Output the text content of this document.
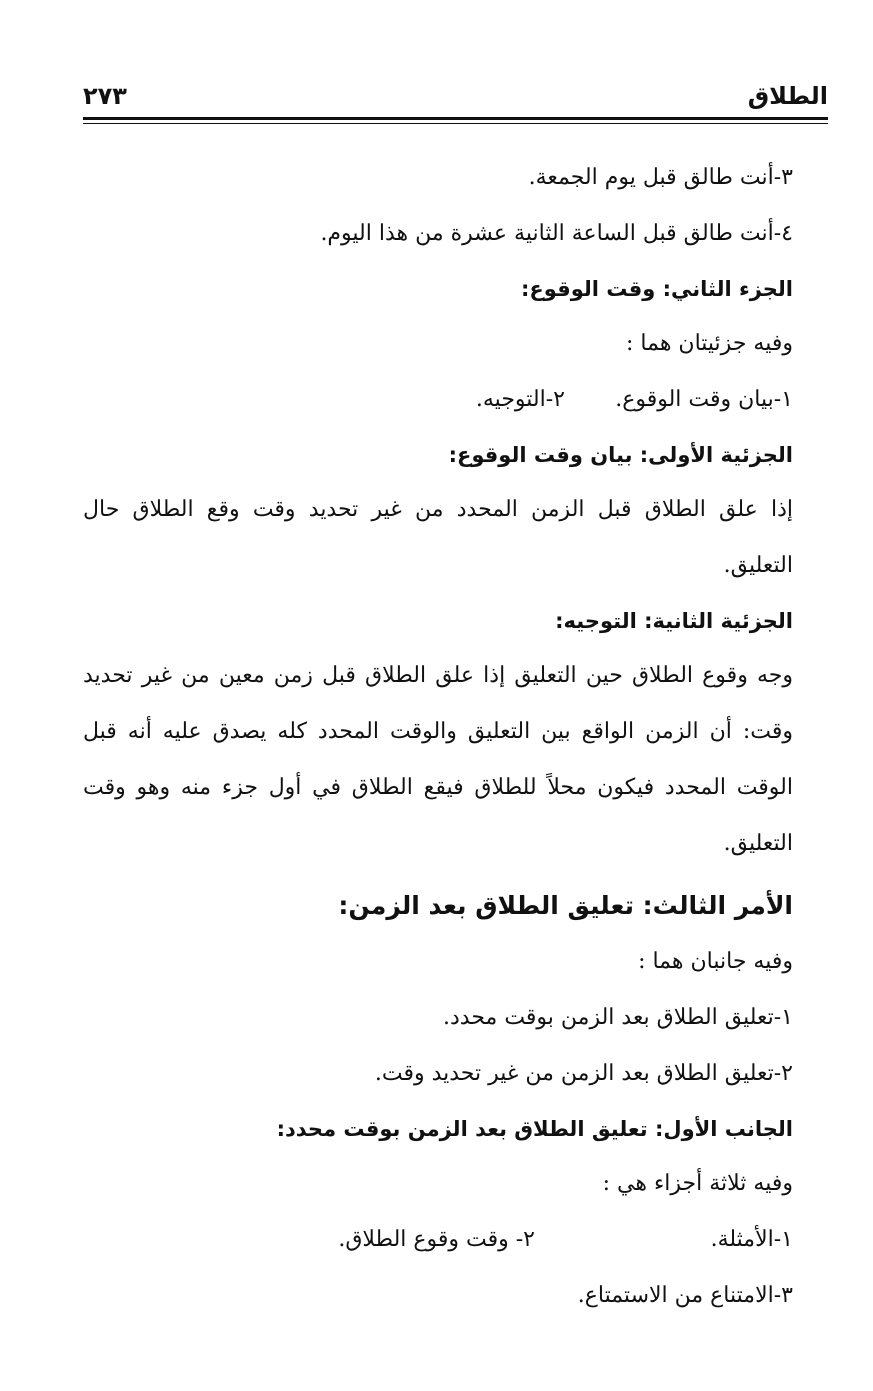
الطلاق
٢٧٣

٣-أنت طالق قبل يوم الجمعة.

٤-أنت طالق قبل الساعة الثانية عشرة من هذا اليوم.

الجزء الثاني: وقت الوقوع:

وفيه جزئيتان هما :

١-بيان وقت الوقوع.
٢-التوجيه.

الجزئية الأولى: بيان وقت الوقوع:

إذا علق الطلاق قبل الزمن المحدد من غير تحديد وقت وقع الطلاق حال التعليق.

الجزئية الثانية: التوجيه:

وجه وقوع الطلاق حين التعليق إذا علق الطلاق قبل زمن معين من غير تحديد وقت: أن الزمن الواقع بين التعليق والوقت المحدد كله يصدق عليه أنه قبل الوقت المحدد فيكون محلاً للطلاق فيقع الطلاق في أول جزء منه وهو وقت التعليق.

الأمر الثالث: تعليق الطلاق بعد الزمن:

وفيه جانبان هما :

١-تعليق الطلاق بعد الزمن بوقت محدد.

٢-تعليق الطلاق بعد الزمن من غير تحديد وقت.

الجانب الأول: تعليق الطلاق بعد الزمن بوقت محدد:

وفيه ثلاثة أجزاء هي :

١-الأمثلة.
٢- وقت وقوع الطلاق.

٣-الامتناع من الاستمتاع.
